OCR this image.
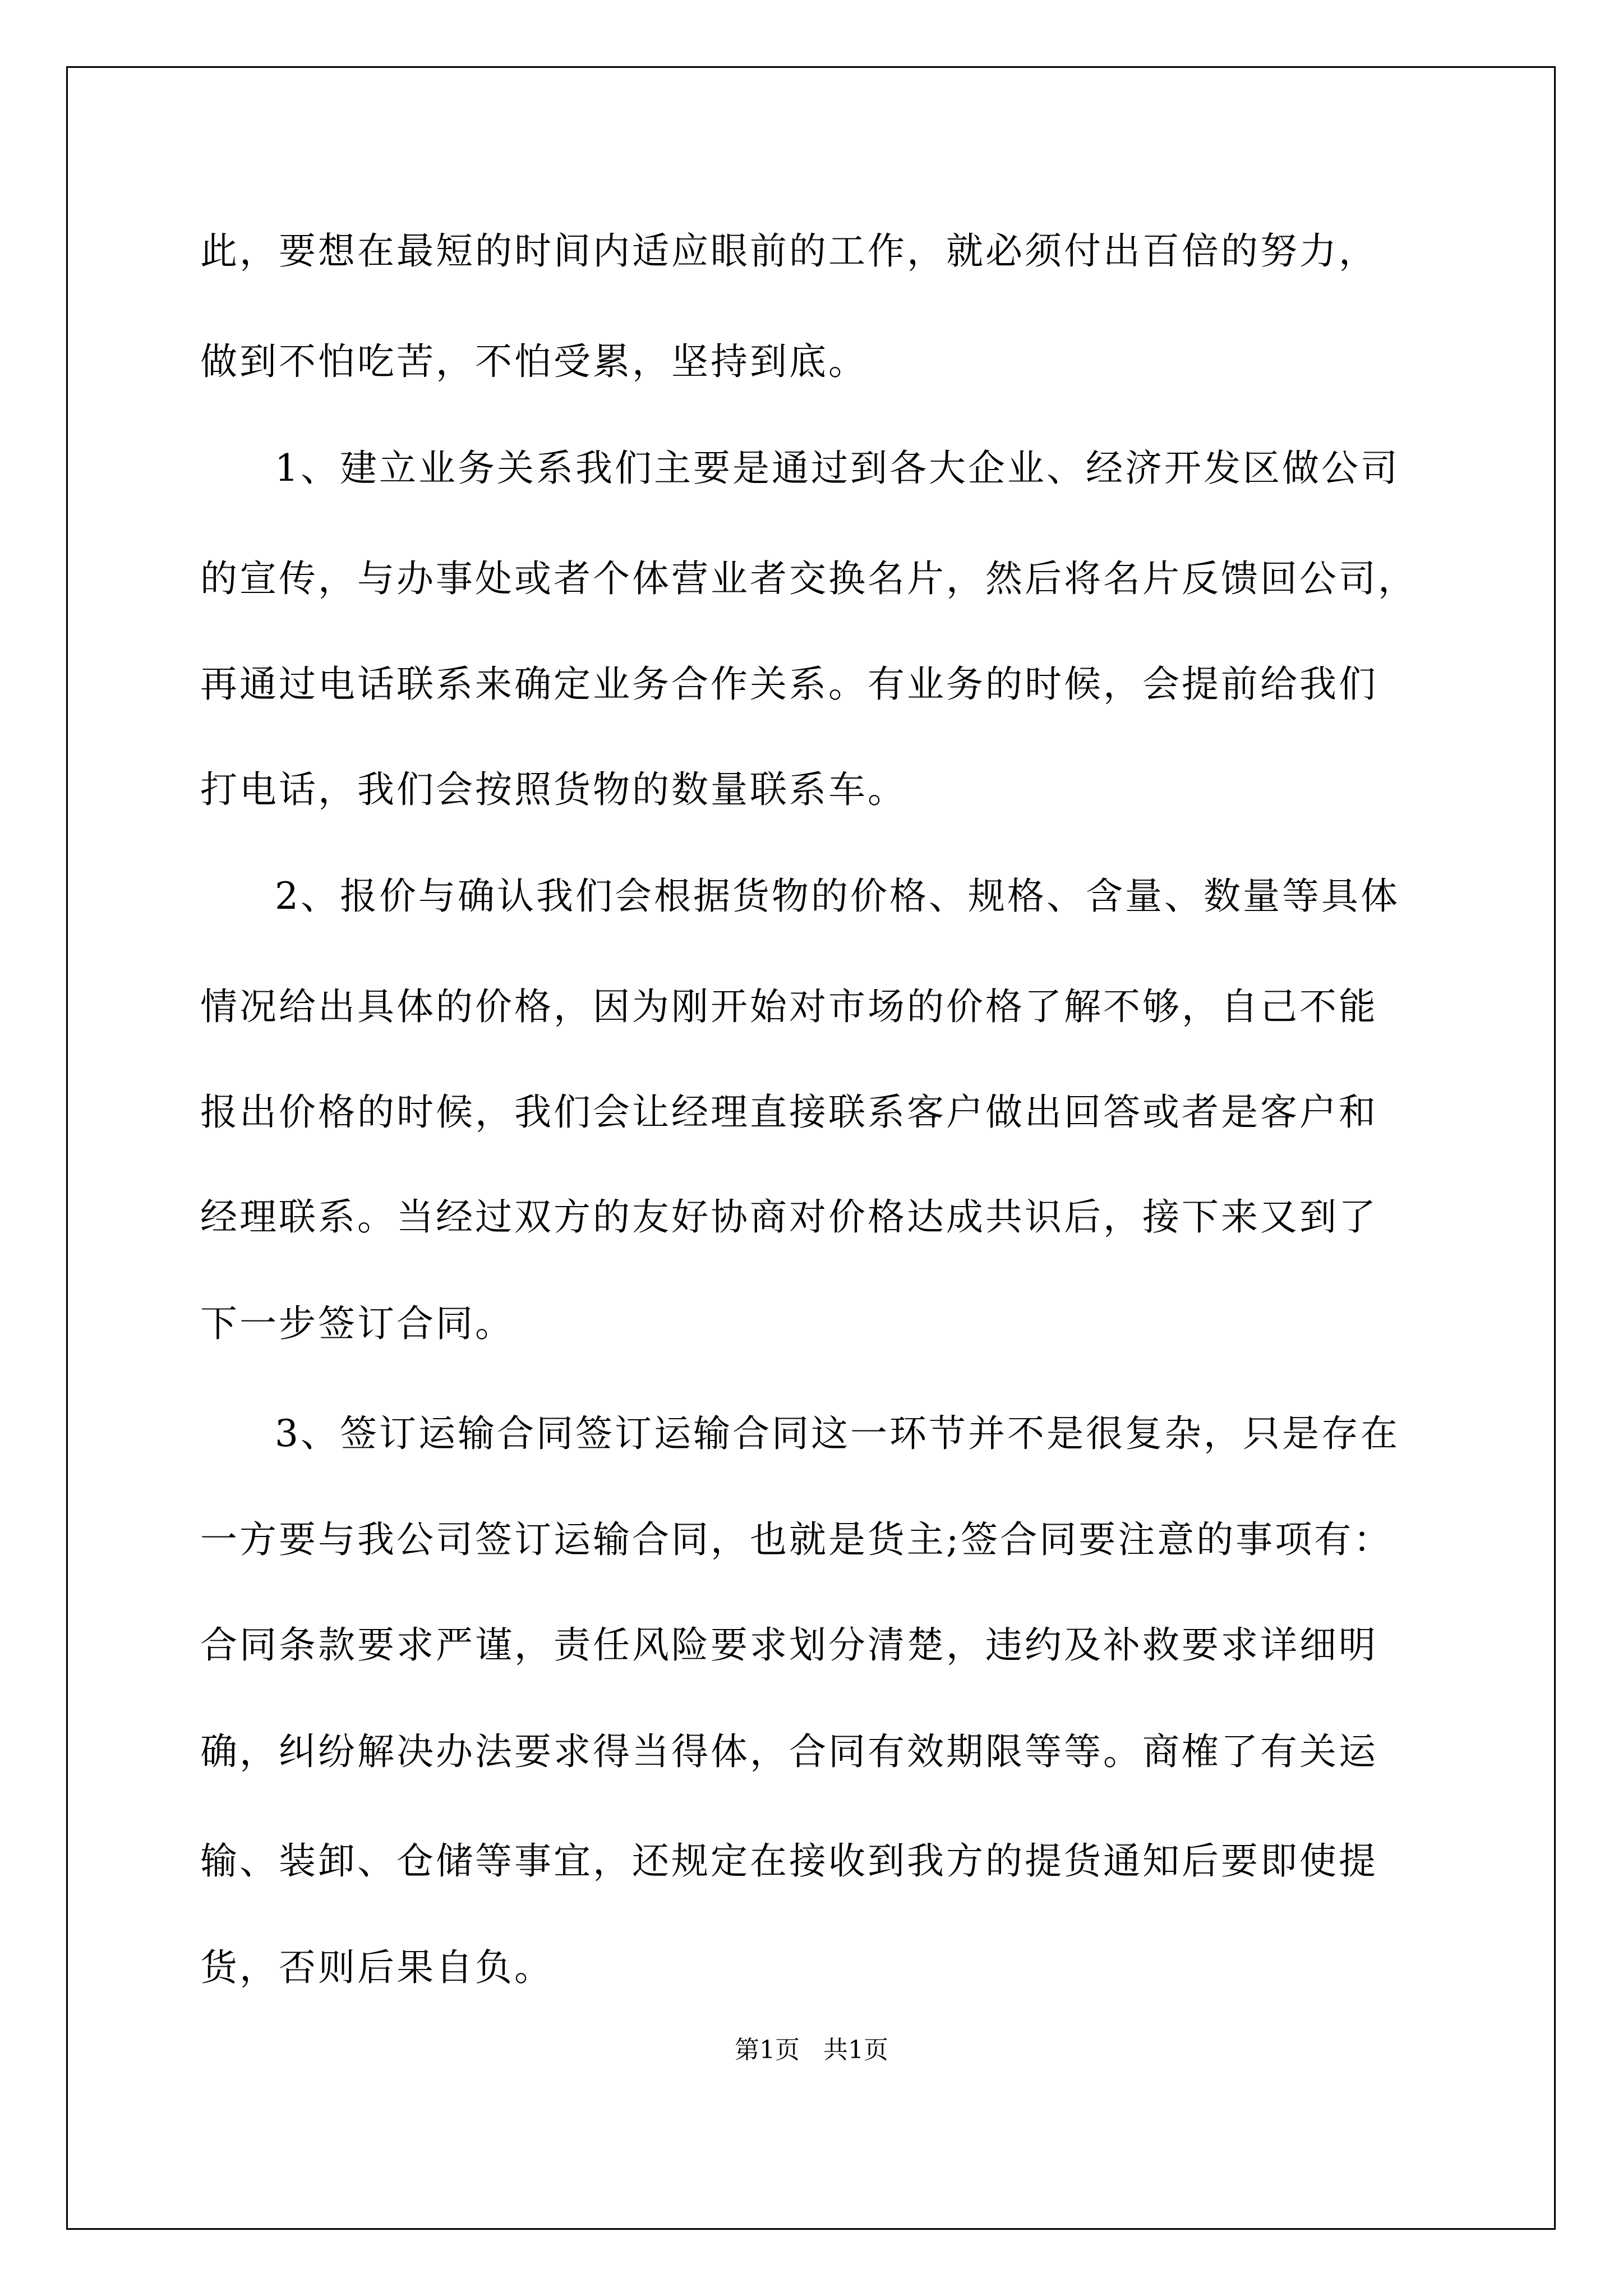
此，要想在最短的时间内适应眼前的工作，就必须付出百倍的努力，
做到不怕吃苦，不怕受累，坚持到底。
1、建立业务关系我们主要是通过到各大企业、经济开发区做公司
的宣传，与办事处或者个体营业者交换名片，然后将名片反馈回公司，
再通过电话联系来确定业务合作关系。有业务的时候，会提前给我们
打电话，我们会按照货物的数量联系车。
2、报价与确认我们会根据货物的价格、规格、含量、数量等具体
情况给出具体的价格，因为刚开始对市场的价格了解不够，自己不能
报出价格的时候，我们会让经理直接联系客户做出回答或者是客户和
经理联系。当经过双方的友好协商对价格达成共识后，接下来又到了
下一步签订合同。
3、签订运输合同签订运输合同这一环节并不是很复杂，只是存在
一方要与我公司签订运输合同，也就是货主;签合同要注意的事项有：
合同条款要求严谨，责任风险要求划分清楚，违约及补救要求详细明
确，纠纷解决办法要求得当得体，合同有效期限等等。商榷了有关运
输、装卸、仓储等事宜，还规定在接收到我方的提货通知后要即使提
货，否则后果自负。
第1页   共1页
